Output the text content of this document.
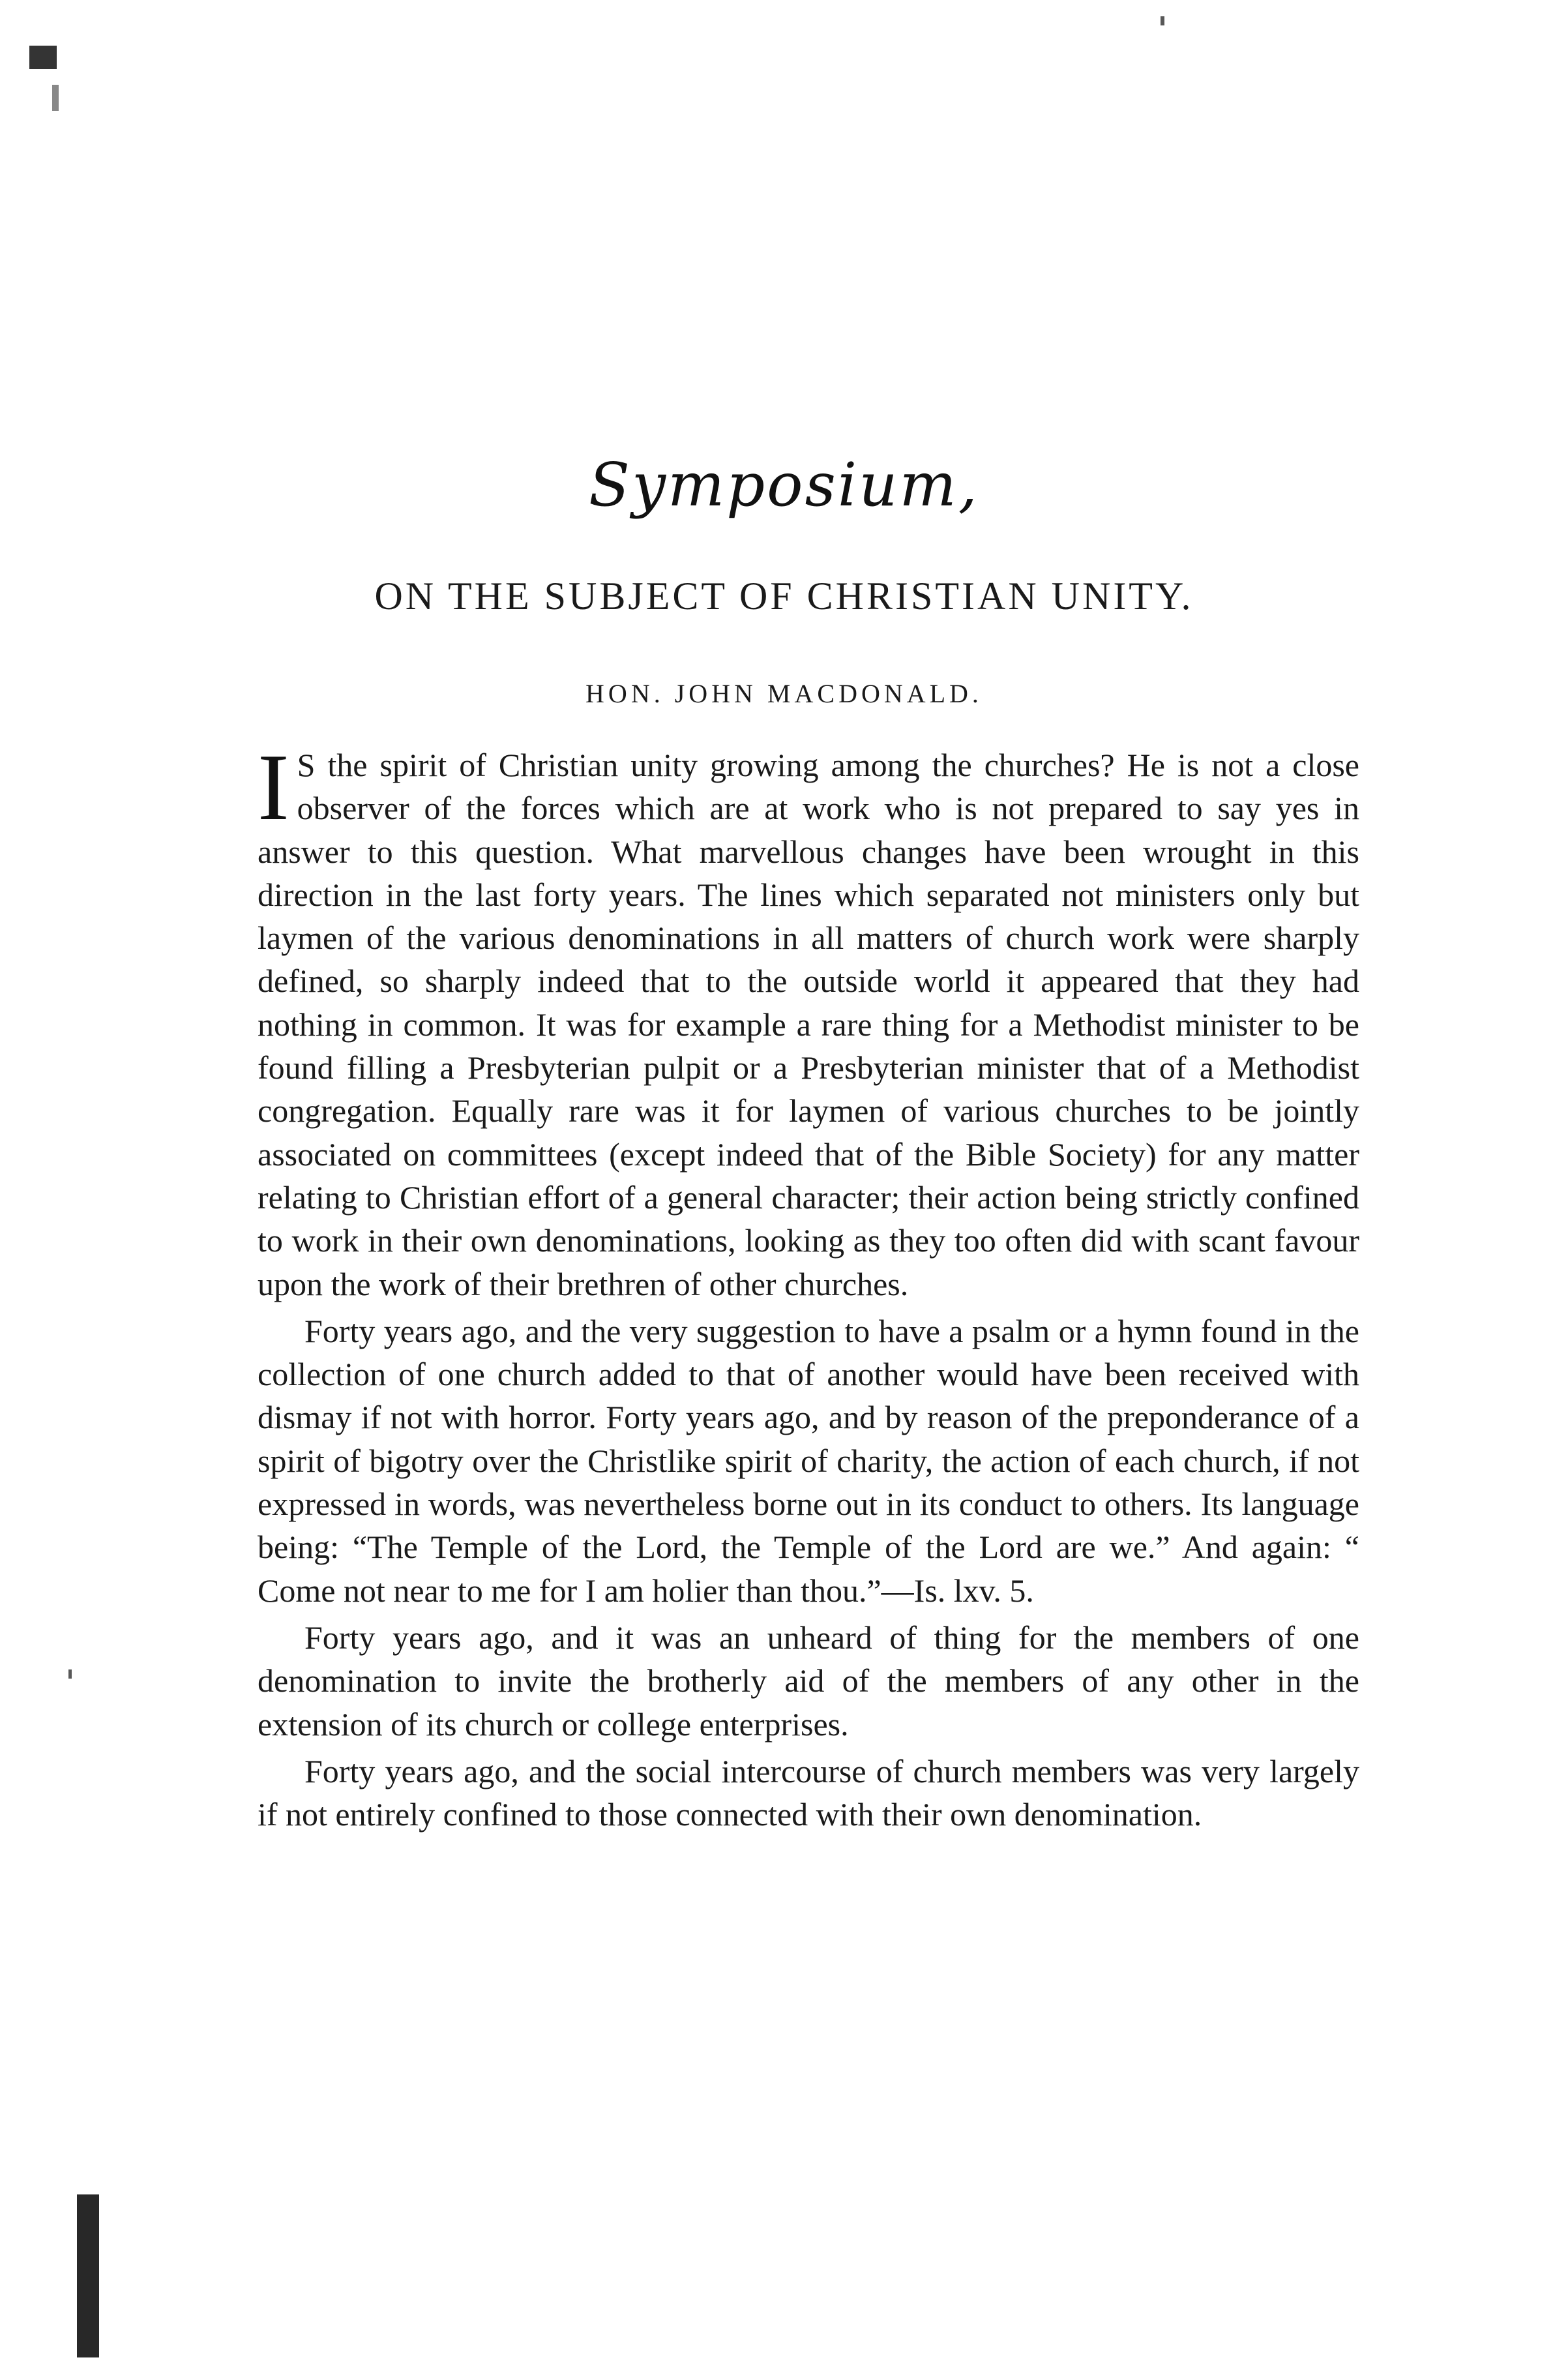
Symposium,
ON THE SUBJECT OF CHRISTIAN UNITY.
HON. JOHN MACDONALD.

I S the spirit of Christian unity growing among the churches? He is not a close observer of the forces which are at work who is not prepared to say yes in answer to this question. What marvellous changes have been wrought in this direction in the last forty years. The lines which separated not ministers only but laymen of the various denominations in all matters of church work were sharply defined, so sharply indeed that to the outside world it appeared that they had nothing in common. It was for example a rare thing for a Methodist minister to be found filling a Presbyterian pulpit or a Presbyterian minister that of a Methodist congregation. Equally rare was it for laymen of various churches to be jointly associated on committees (except indeed that of the Bible Society) for any matter relating to Christian effort of a general character; their action being strictly confined to work in their own denominations, looking as they too often did with scant favour upon the work of their brethren of other churches.

Forty years ago, and the very suggestion to have a psalm or a hymn found in the collection of one church added to that of another would have been received with dismay if not with horror. Forty years ago, and by reason of the preponderance of a spirit of bigotry over the Christlike spirit of charity, the action of each church, if not expressed in words, was nevertheless borne out in its conduct to others. Its language being: “The Temple of the Lord, the Temple of the Lord are we.” And again: “ Come not near to me for I am holier than thou.”—Is. lxv. 5.

Forty years ago, and it was an unheard of thing for the members of one denomination to invite the brotherly aid of the members of any other in the extension of its church or college enterprises.

Forty years ago, and the social intercourse of church members was very largely if not entirely confined to those connected with their own denomination.
